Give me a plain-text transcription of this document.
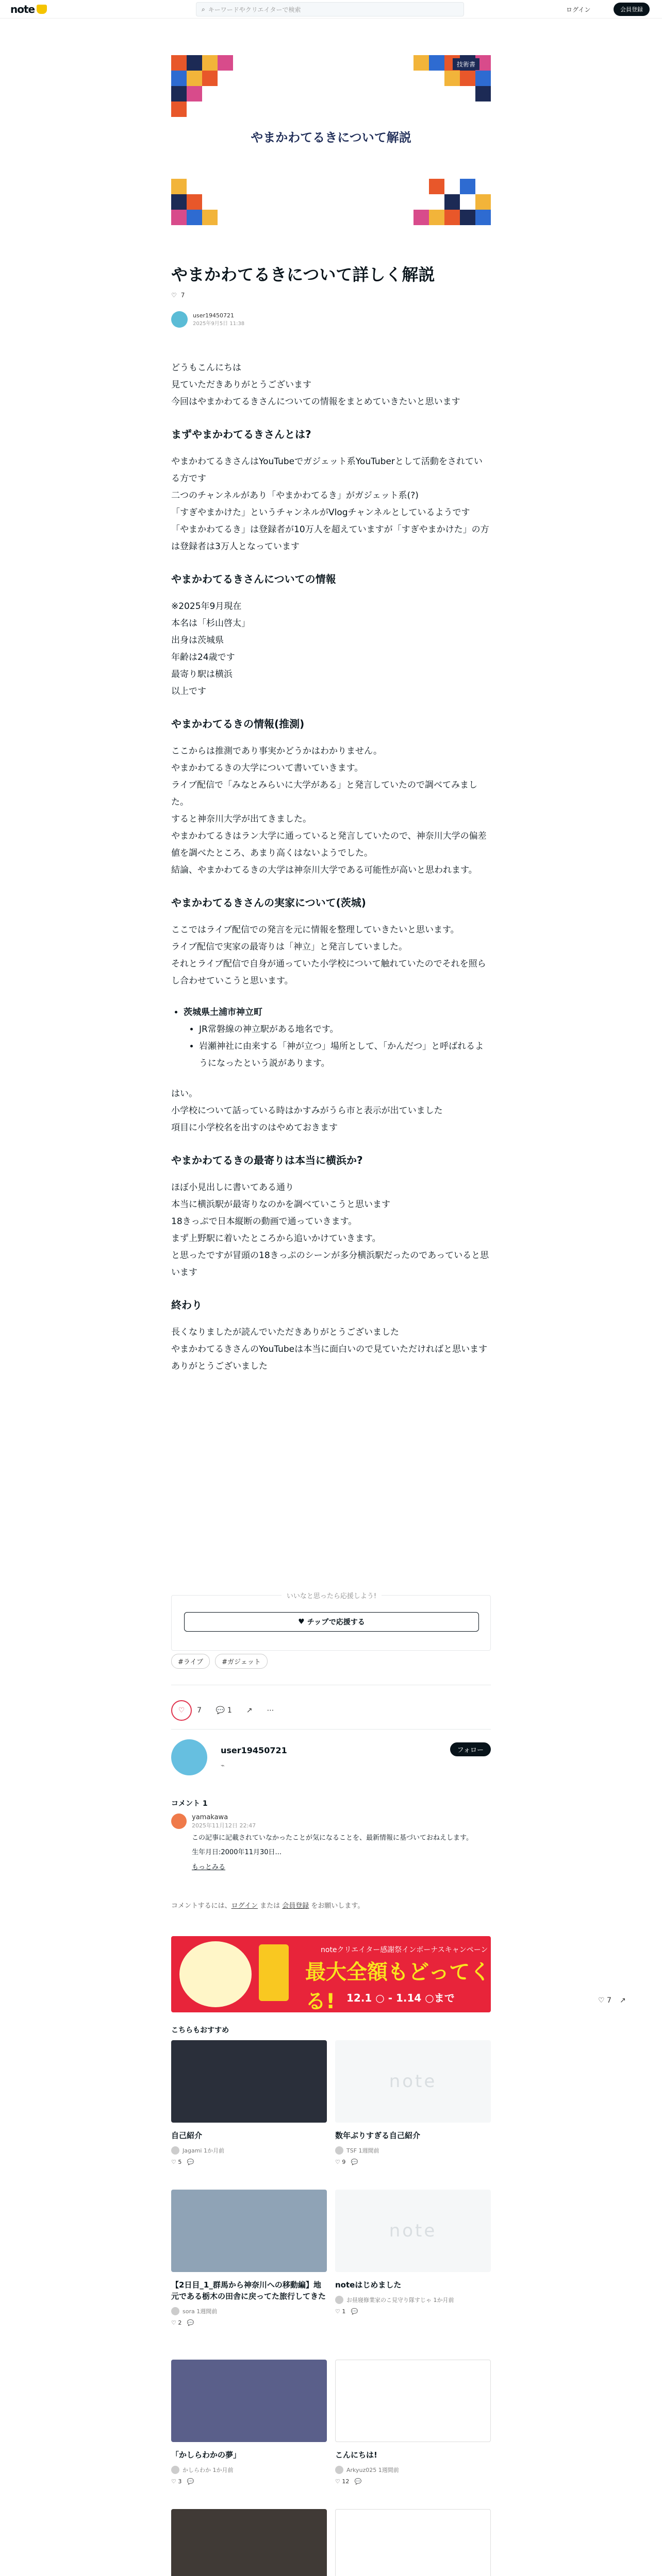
note	⌕ キーワードやクリエイターで検索	ログイン	会員登録
やまかわてるきについて解説
技術書
やまかわてるきについて詳しく解説
♡ 7
user19450721
2025年9月5日 11:38

どうもこんにちは
見ていただきありがとうございます
今回はやまかわてるきさんについての情報をまとめていきたいと思います

まずやまかわてるきさんとは?

やまかわてるきさんはYouTubeでガジェット系YouTuberとして活動をされている方です
二つのチャンネルがあり「やまかわてるき」がガジェット系(?)
「すぎやまかけた」というチャンネルがVlogチャンネルとしているようです
「やまかわてるき」は登録者が10万人を超えていますが「すぎやまかけた」の方は登録者は3万人となっています

やまかわてるきさんについての情報

※2025年9月現在
本名は「杉山啓太」
出身は茨城県
年齢は24歳です
最寄り駅は横浜
以上です

やまかわてるきの情報(推測)

ここからは推測であり事実かどうかはわかりません。
やまかわてるきの大学について書いていきます。
ライブ配信で「みなとみらいに大学がある」と発言していたので調べてみました。
すると神奈川大学が出てきました。
やまかわてるきはラン大学に通っていると発言していたので、神奈川大学の偏差値を調べたところ、あまり高くはないようでした。
結論、やまかわてるきの大学は神奈川大学である可能性が高いと思われます。

やまかわてるきさんの実家について(茨城)

ここではライブ配信での発言を元に情報を整理していきたいと思います。
ライブ配信で実家の最寄りは「神立」と発言していました。
それとライブ配信で自身が通っていた小学校について触れていたのでそれを照らし合わせていこうと思います。

• 茨城県土浦市神立町
• JR常磐線の神立駅がある地名です。
• 岩瀬神社に由来する「神が立つ」場所として、「かんだつ」と呼ばれるようになったという説があります。

はい。
小学校について話っている時はかすみがうら市と表示が出ていました
項目に小学校名を出すのはやめておきます

やまかわてるきの最寄りは本当に横浜か?

ほぼ小見出しに書いてある通り
本当に横浜駅が最寄りなのかを調べていこうと思います
18きっぷで日本縦断の動画で通っていきます。
まず上野駅に着いたところから追いかけていきます。
と思ったですが冒頭の18きっぷのシーンが多分横浜駅だったのであっていると思います

終わり

長くなりましたが読んでいただきありがとうございました
やまかわてるきさんのYouTubeは本当に面白いので見ていただければと思います
ありがとうございました

いいなと思ったら応援しよう!
♥ チップで応援する
#ライブ	#ガジェット
♡ 7 💬 1 ↗ ⋯
user19450721	フォロー
⌁
コメント 1
yamakawa
2025年11月12日 22:47
この記事に記載されていなかったことが気になることを、最新情報に基づいておねえします。
生年月日:2000年11月30日...
もっとみる
コメントするには、ログイン または 会員登録 をお願いします。
noteクリエイター感謝祭インボーナスキャンペーン
最大全額もどってくる!	12.1 ○ - 1.14 ○まで	♡ 7 ↗
こちらもおすすめ
自己紹介
Jagami 1か月前
♡ 5 💬
note
数年ぶりすぎる自己紹介
TSF 1週間前
♡ 9 💬
【2日目_1_群馬から神奈川への移動編】地元である栃木の田舎に戻ってた旅行してきた
sora 1週間前
♡ 2 💬
note
noteはじめました
お昼寝修業家のこ見守り隊すじゃ 1か月前
♡ 1 💬
「かしらわかの夢」
かしらわか 1か月前
♡ 3 💬
こんにちは!
Arkyuz025 1週間前
♡ 12 💬
